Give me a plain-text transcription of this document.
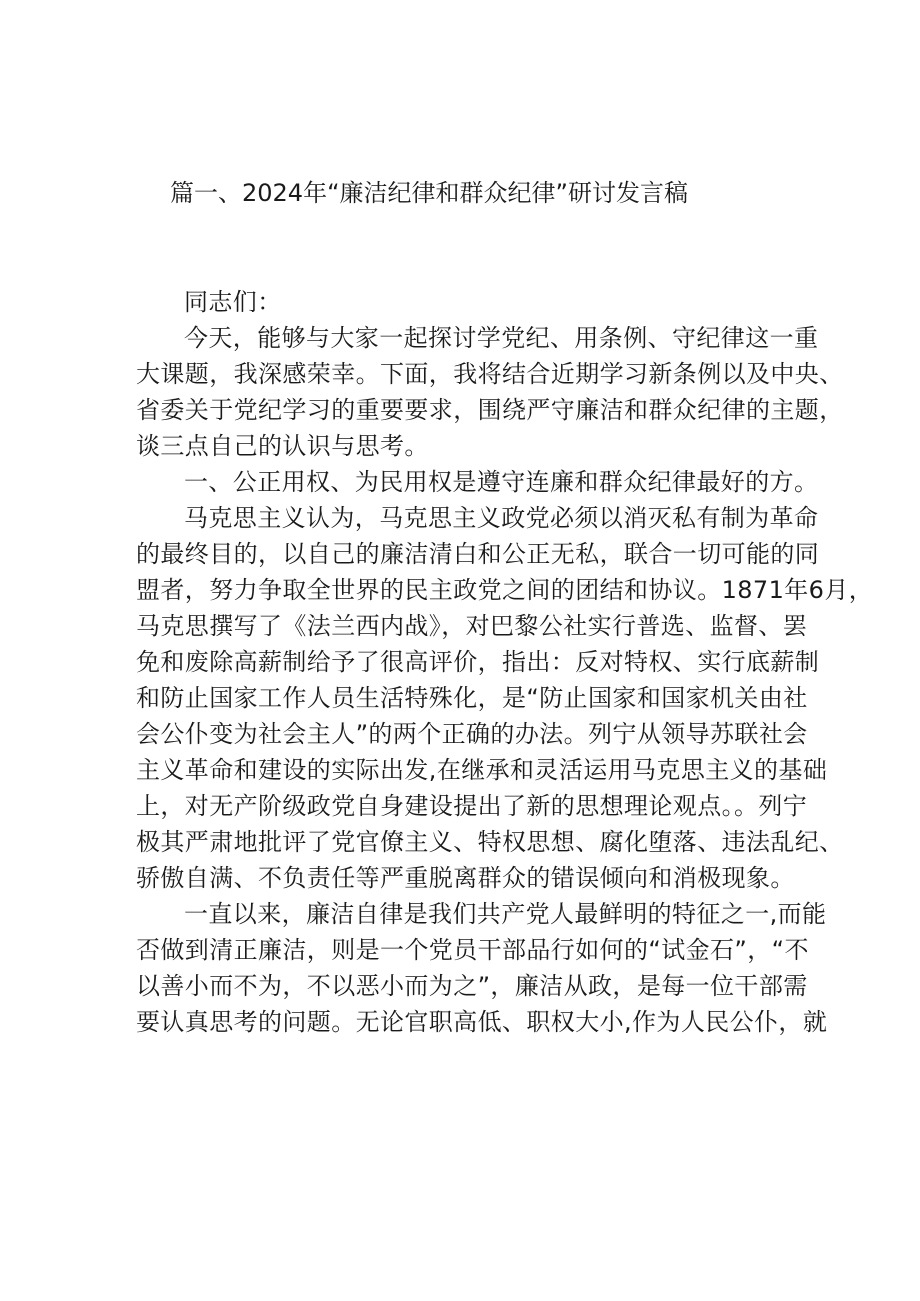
篇一、2024年“廉洁纪律和群众纪律”研讨发言稿
同志们：
今天，能够与大家一起探讨学党纪、用条例、守纪律这一重
大课题，我深感荣幸。下面，我将结合近期学习新条例以及中央、
省委关于党纪学习的重要要求，围绕严守廉洁和群众纪律的主题，
谈三点自己的认识与思考。
一、公正用权、为民用权是遵守连廉和群众纪律最好的方。
马克思主义认为，马克思主义政党必须以消灭私有制为革命
的最终目的，以自己的廉洁清白和公正无私，联合一切可能的同
盟者，努力争取全世界的民主政党之间的团结和协议。1871年6月，
马克思撰写了《法兰西内战》，对巴黎公社实行普选、监督、罢
免和废除高薪制给予了很高评价，指出：反对特权、实行底薪制
和防止国家工作人员生活特殊化，是“防止国家和国家机关由社
会公仆变为社会主人”的两个正确的办法。列宁从领导苏联社会
主义革命和建设的实际出发,在继承和灵活运用马克思主义的基础
上，对无产阶级政党自身建设提出了新的思想理论观点。。列宁
极其严肃地批评了党官僚主义、特权思想、腐化堕落、违法乱纪、
骄傲自满、不负责任等严重脱离群众的错误倾向和消极现象。
一直以来，廉洁自律是我们共产党人最鲜明的特征之一,而能
否做到清正廉洁，则是一个党员干部品行如何的“试金石”，“不
以善小而不为，不以恶小而为之”，廉洁从政，是每一位干部需
要认真思考的问题。无论官职高低、职权大小,作为人民公仆，就
